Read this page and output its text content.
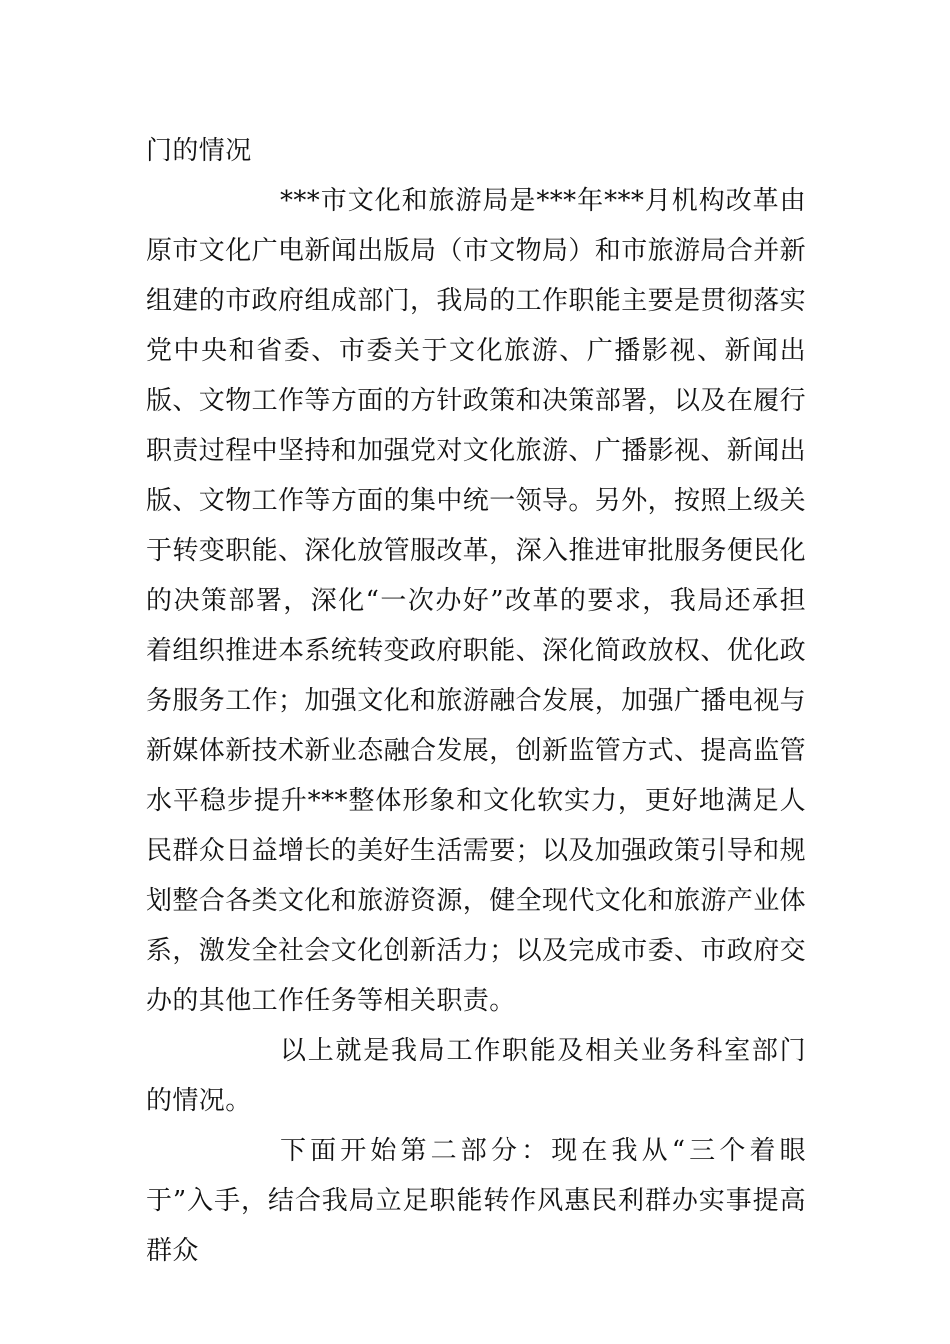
门的情况

***市文化和旅游局是***年***月机构改革由原市文化广电新闻出版局（市文物局）和市旅游局合并新组建的市政府组成部门，我局的工作职能主要是贯彻落实党中央和省委、市委关于文化旅游、广播影视、新闻出版、文物工作等方面的方针政策和决策部署，以及在履行职责过程中坚持和加强党对文化旅游、广播影视、新闻出版、文物工作等方面的集中统一领导。另外，按照上级关于转变职能、深化放管服改革，深入推进审批服务便民化的决策部署，深化“一次办好”改革的要求，我局还承担着组织推进本系统转变政府职能、深化简政放权、优化政务服务工作；加强文化和旅游融合发展，加强广播电视与新媒体新技术新业态融合发展，创新监管方式、提高监管水平稳步提升***整体形象和文化软实力，更好地满足人民群众日益增长的美好生活需要；以及加强政策引导和规划整合各类文化和旅游资源，健全现代文化和旅游产业体系，激发全社会文化创新活力；以及完成市委、市政府交办的其他工作任务等相关职责。

以上就是我局工作职能及相关业务科室部门的情况。

下面开始第二部分：现在我从“三个着眼于”入手，结合我局立足职能转作风惠民利群办实事提高群众
